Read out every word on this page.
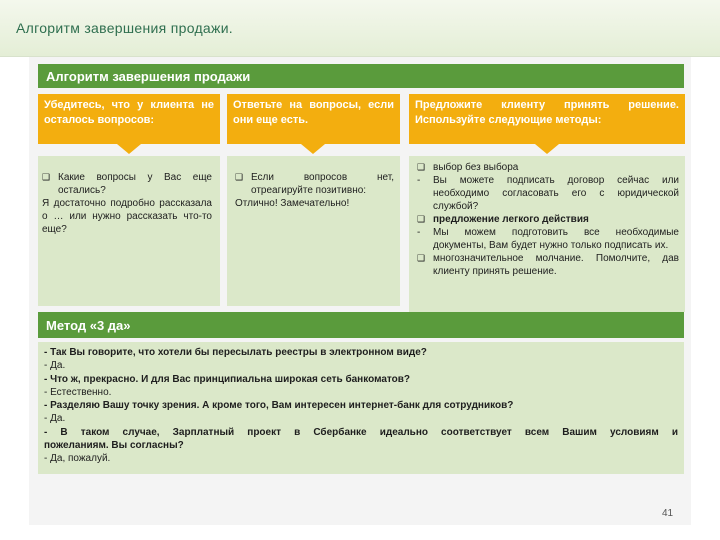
Алгоритм завершения продажи.
Алгоритм завершения продажи
Убедитесь, что у клиента не осталось вопросов:
Ответьте на вопросы, если они еще есть.
Предложите клиенту принять решение. Используйте следующие методы:
❑ Какие вопросы у Вас еще остались?
Я достаточно подробно рассказала о … или нужно рассказать что-то еще?
❑ Если вопросов нет, отреагируйте позитивно:
Отлично! Замечательно!
❑ выбор без выбора
-	Вы можете подписать договор сейчас или необходимо согласовать его с юридической службой?
❑ предложение легкого действия
-	Мы можем подготовить все необходимые документы, Вам будет нужно только подписать их.
❑ многозначительное молчание. Помолчите, дав клиенту принять решение.
Метод «3 да»
- Так Вы говорите, что хотели бы пересылать реестры в электронном виде?
- Да.
- Что ж, прекрасно. И для Вас принципиальна широкая сеть банкоматов?
- Естественно.
- Разделяю Вашу точку зрения. А кроме того, Вам интересен интернет-банк для сотрудников?
- Да.
- В таком случае, Зарплатный проект в Сбербанке идеально соответствует всем Вашим условиям и
пожеланиям. Вы согласны?
- Да, пожалуй.
41
